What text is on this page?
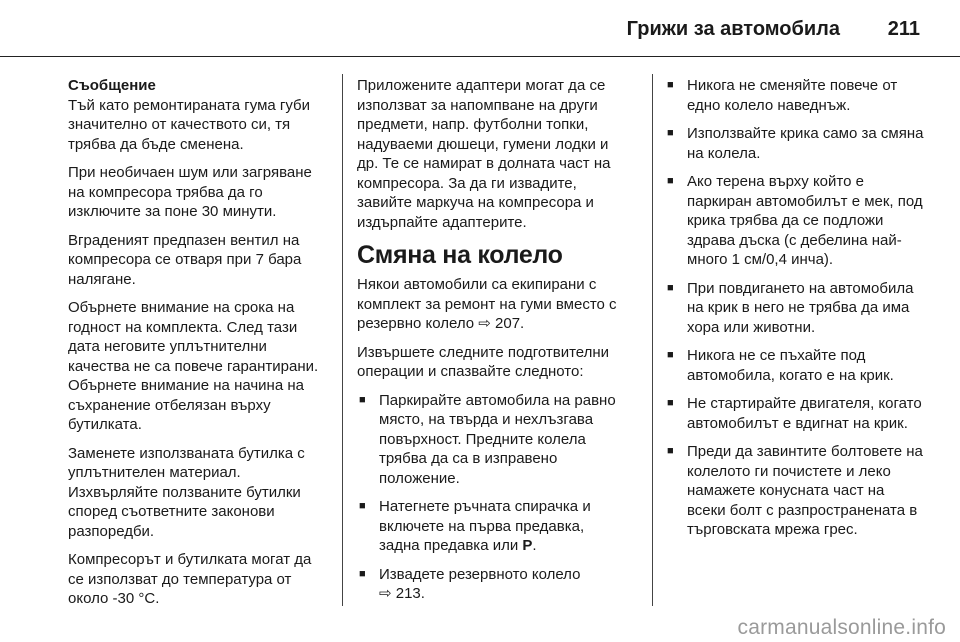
Грижи за автомобила 211
Съобщение

Тъй като ремонтираната гума губи значително от качеството си, тя трябва да бъде сменена.

При необичаен шум или загряване на компресора трябва да го изключите за поне 30 минути.

Вграденият предпазен вентил на компресора се отваря при 7 бара налягане.

Обърнете внимание на срока на годност на комплекта. След тази дата неговите уплътнителни качества не са повече гарантирани. Обърнете внимание на начина на съхранение отбелязан върху бутилката.

Заменете използваната бутилка с уплътнителен материал. Изхвърляйте ползваните бутилки според съответните законови разпоредби.

Компресорът и бутилката могат да се използват до температура от около -30 °C.

Приложените адаптери могат да се използват за напомпване на други предмети, напр. футболни топки, надуваеми дюшеци, гумени лодки и др. Те се намират в долната част на компресора. За да ги извадите, завийте маркуча на компресора и издърпайте адаптерите.

Смяна на колело

Някои автомобили са екипирани с комплект за ремонт на гуми вместо с резервно колело ⇨ 207.

Извършете следните подготвителни операции и спазвайте следното:

■ Паркирайте автомобила на равно място, на твърда и нехлъзгава повърхност. Предните колела трябва да са в изправено положение.
■ Натегнете ръчната спирачка и включете на първа предавка, задна предавка или P.
■ Извадете резервното колело
⇨ 213.
■ Никога не сменяйте повече от едно колело наведнъж.
■ Използвайте крика само за смяна на колела.
■ Ако терена върху който е паркиран автомобилът е мек, под крика трябва да се подложи здрава дъска (с дебелина най-много 1 см/0,4 инча).
■ При повдигането на автомобила на крик в него не трябва да има хора или животни.
■ Никога не се пъхайте под автомобила, когато е на крик.
■ Не стартирайте двигателя, когато автомобилът е вдигнат на крик.
■ Преди да завинтите болтовете на колелото ги почистете и леко намажете конусната част на всеки болт с разпространената в търговската мрежа грес.
carmanualsonline.info
